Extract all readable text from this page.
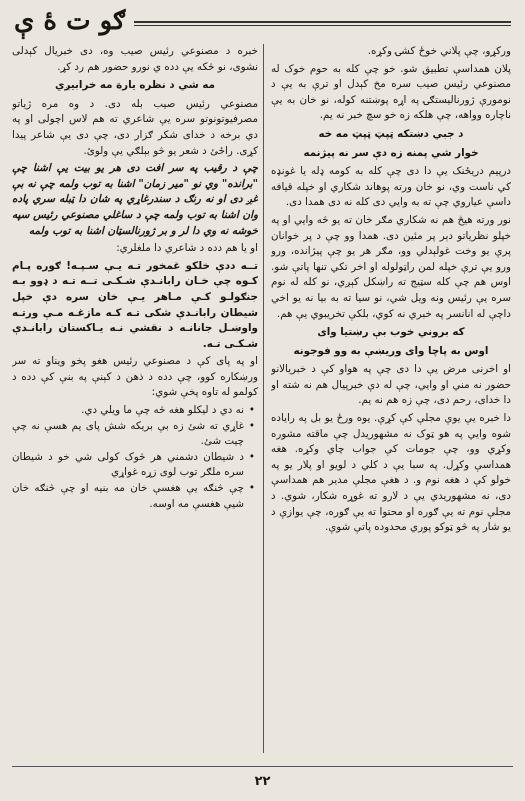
ګو ت ۀ ې

ورکړو، چې پلاني خوځ کشۍ وکړه.

پلان همداسې تطبيق شو. خو چې کله به حوم خوک له مصنوعي رئيس صيب سره مخ کېدل او ترې به يې د نومورې ژورناليستګۍ په اړه پوښتنه کوله، نو خان به يې ناچاره وواهه، چې هلکه زه خو سچ خبر نه يم.

د جبي دښتکه ټپټ ټپټ مه خه
خوار شي پمنه زه دې سر نه پيژنمه

درپيم دريځنک يې دا دی چې کله به کومه ډله يا غونډه کي ناست وي، نو خان ورته پوهاند شکاري او خپله قيافه داسې عياروي چې ته به وايي دی کله نه دی همدا دی.

نور ورته هيڅ هم نه شکاري مګر خان ته يو څه وايي او په خپلو نظرياتو دېر پر مئين دی. همدا وو چې د پر خوانان پرې يو وخت غولېدلي وو، مګر هر يو چې پيژانده، ورو ورو يې ترې خپله لمن راټولوله او اخر تکي تنها پاتې شو. اوس هم چې کله سټيج ته راښکل کېږي، نو کله له نوم سره يې رئيس ونه ويل شي، نو سيا ته به بيا نه يو اخي داچې له انانسر په خبري نه کوي، بلکې تخريبوي يې هم.

که بروني خوب بې رښتيا وای
اوس به پاچا وای وريښې به وو فوجونه

او اخرنی مرض يې دا دی چې په هواو کې د خبريالانو حضور نه مني او وايي، چې له دې خبرپيال هم نه شته او دا خدای، رحم دی، چې زه هم نه يم.

دا خبره يې يوې مجلې کې کړې. يوه ورځ يو بل په راياده شوه وايي په هو ټوک نه مشهوريدل چې ماقته مشوره وکړي وو، چې جومات کې جواب چاي وکړه. هغه همداسې وکړل. په سبا يې د کلي د لويو او پلار يو په خولو کې د هغه نوم و. د هغې مجلې مدير هم همداسې دی، نه مشهوريدي يې د لارو ته غوړه شکار، شوي. د مجلې نوم ته يې ګوره او محتوا ته يې ګوره، چې يوازې د يو شار په څو ټوکو پوري محدوده پاتې شوې.

خبره د مصنوعي رئيس صيب وه، دی خبريال کېدلی نشوی، نو څکه يې دده ي نورو حضور هم رد کړ.

مه شي د نظره يارة مه خرابيږي

مصنوعي رئيس صيب بله دی. د وه مره ژياتو مصرفيوتونوتو سره يې شاعري ته هم لاس اچولی او په دي برخه د خدای شکر ګزار دی، چې دی يې شاعر پيدا کړی. راځئ د شعر يو څو بېلګي يې ولوئ.

چې د رقيب په سر افت دی هر يو بيت يې اشنا چې "برانده" وي نو "مير زمان" اشنا به توب ولمه چې نه بې غږ دی او نه رنګ د سندرغاړي په شان دا ټبله سري پاده وان اشنا به توب ولمه چې د ساغلي مصنوعي رئيس سپه خوشه نه وي دا لر و بر ژورنالسټان اشنا به توب ولمه

او يا هم دده د شاعري دا ملغلري:

تــه ددې خلکو غمخور تـه يـې سـپـه! ګوره پـام کـوه چې خـان رابانـدې شـکـی تــه تـه د ډوو بـه جنګولـو کـې مـاهر يـې خان سره دې خپل شيطان رابانـدې شکی تـه کـه مازغـه مـې ورتـه واوښـل جانانـه د نقشي نـه يـاکستان رابانـدې شـکـی تـه.

او په پای کې د مصنوعي رئيس هغو پخو ويناو ته سر ورښکاره کوو، چې دده د ذهن د کېنې په بنې کې دده د کولمو له تاوه پخې شوي:

• نه دي د ليکلو هغه څه چې ما ويلي دي.
• غاړي ته شئ زه بې بريکه شش پای يم هسې نه چې چيت شئ.
• د شيطان دشمني هر څوک کولی شي خو د شيطان سره ملګر توب لوی زړه غواړي
• چې څنګه يې هغسې خان مه بنيه او چې څنګه خان شيې هغسې مه اوسه.
۲۲
